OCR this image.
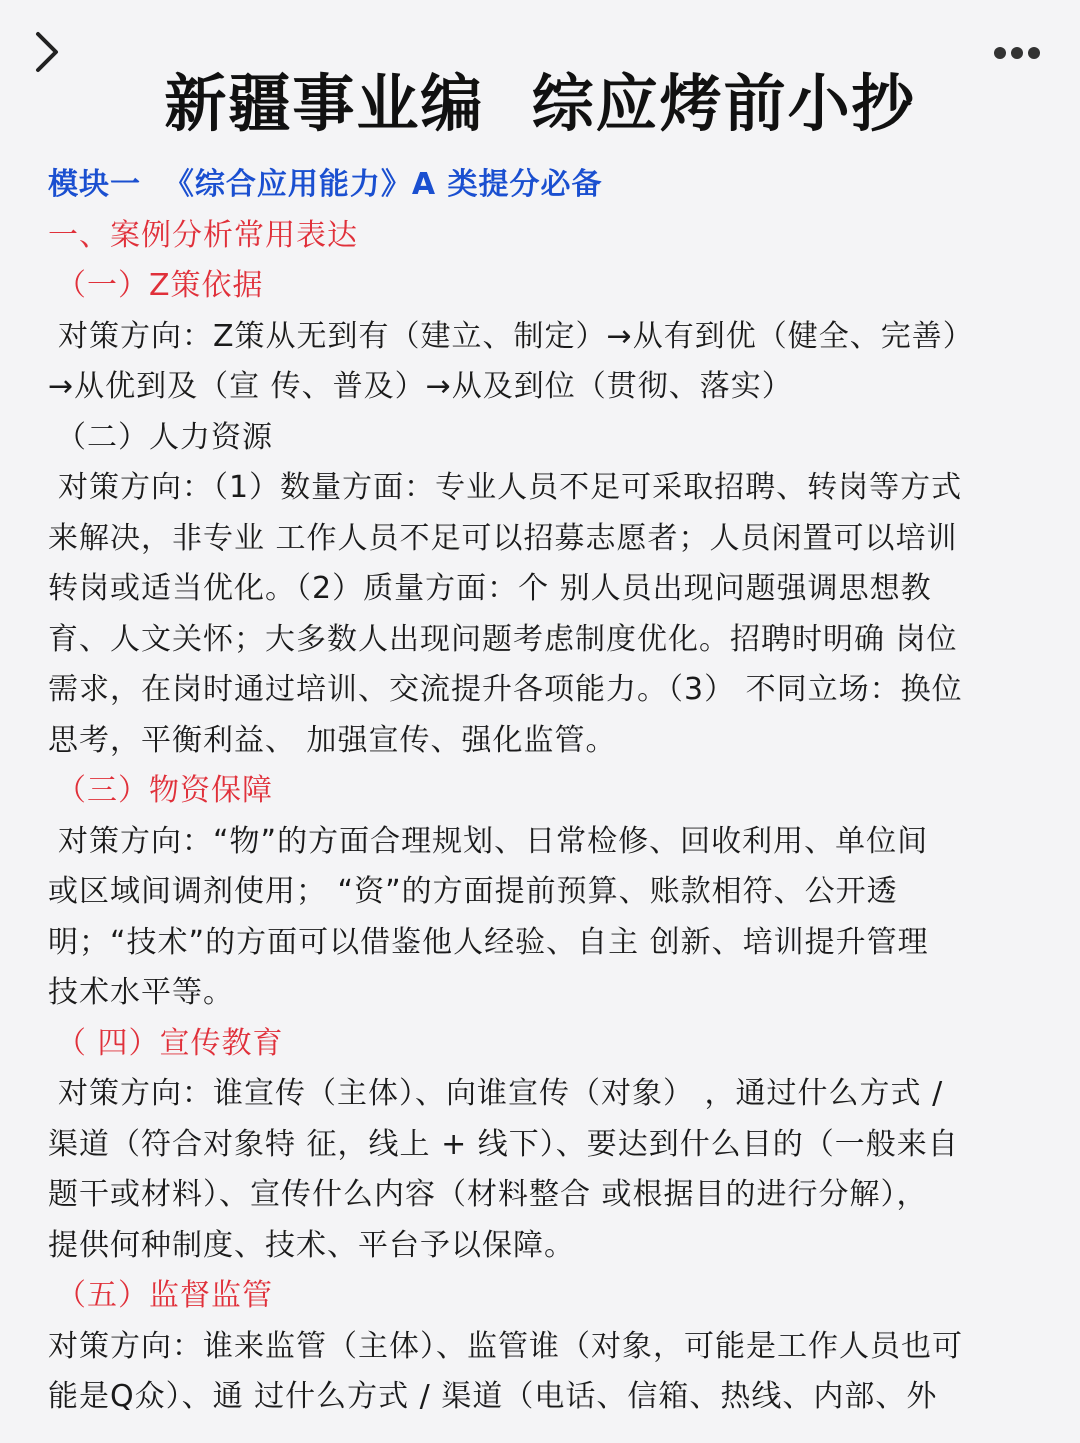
新疆事业编  综应烤前小抄
模块一  《综合应用能力》A 类提分必备
一、案例分析常用表达
（一）Z策依据
对策方向：Z策从无到有（建立、制定）→从有到优（健全、完善）
→从优到及（宣 传、普及）→从及到位（贯彻、落实）
（二）人力资源
对策方向：（1）数量方面：专业人员不足可采取招聘、转岗等方式
来解决，非专业 工作人员不足可以招募志愿者；人员闲置可以培训
转岗或适当优化。（2）质量方面：个 别人员出现问题强调思想教
育、人文关怀；大多数人出现问题考虑制度优化。招聘时明确 岗位
需求，在岗时通过培训、交流提升各项能力。（3） 不同立场：换位
思考，平衡利益、 加强宣传、强化监管。
（三）物资保障
对策方向：“物”的方面合理规划、日常检修、回收利用、单位间
或区域间调剂使用； “资”的方面提前预算、账款相符、公开透
明；“技术”的方面可以借鉴他人经验、自主 创新、培训提升管理
技术水平等。
（ 四）宣传教育
对策方向：谁宣传（主体）、向谁宣传（对象） ，通过什么方式 /
渠道（符合对象特 征，线上 + 线下）、要达到什么目的（一般来自
题干或材料）、宣传什么内容（材料整合 或根据目的进行分解），
提供何种制度、技术、平台予以保障。
（五）监督监管
对策方向：谁来监管（主体）、监管谁（对象，可能是工作人员也可
能是Q众）、通 过什么方式 / 渠道（电话、信箱、热线、内部、外
